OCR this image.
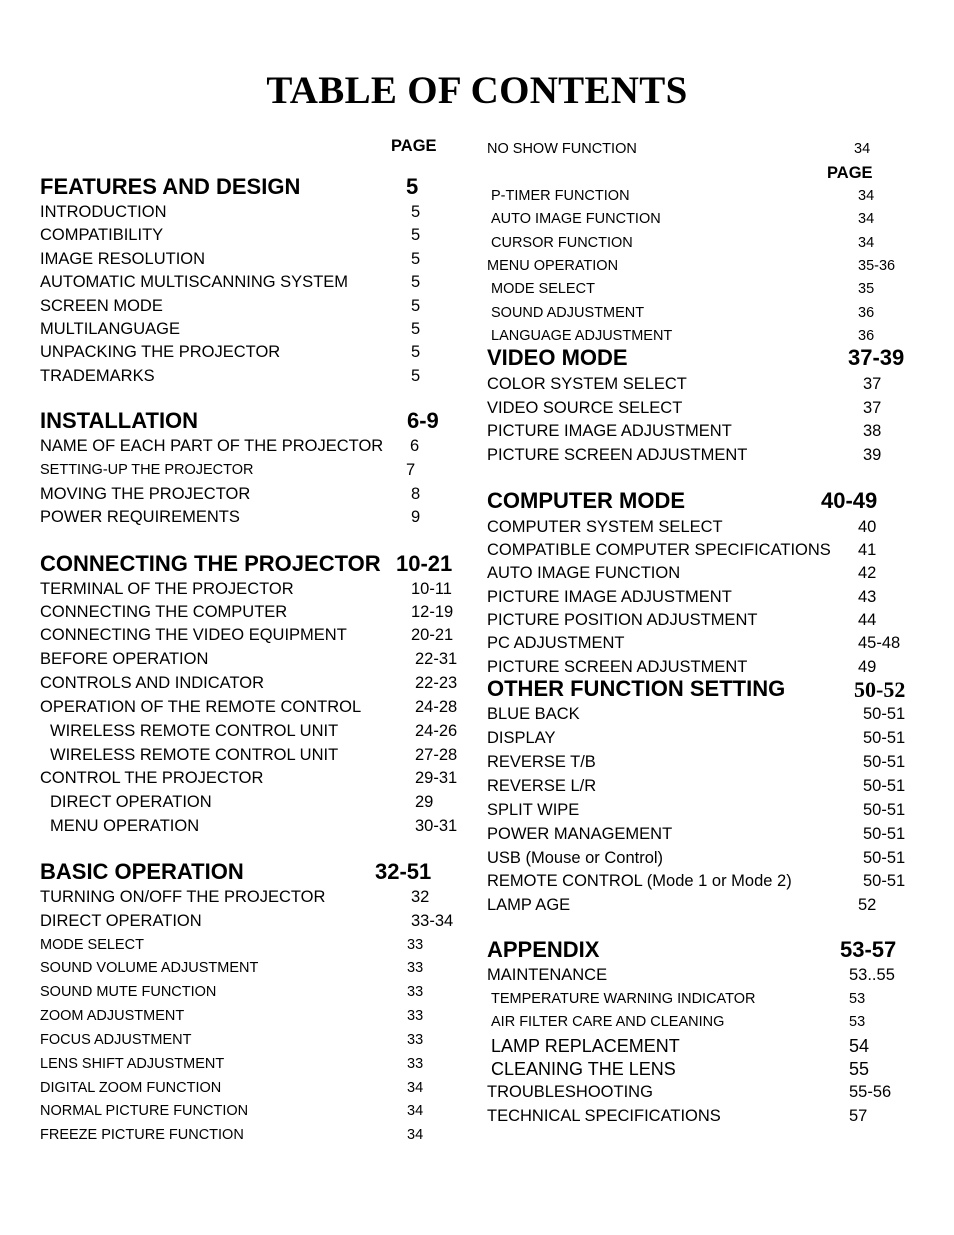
TABLE OF CONTENTS
PAGE
FEATURES AND DESIGN	5
INTRODUCTION	5
COMPATIBILITY	5
IMAGE RESOLUTION	5
AUTOMATIC MULTISCANNING SYSTEM	5
SCREEN MODE	5
MULTILANGUAGE	5
UNPACKING THE PROJECTOR	5
TRADEMARKS	5
INSTALLATION	6-9
NAME OF EACH PART OF THE PROJECTOR 6
SETTING-UP THE PROJECTOR	7
MOVING THE PROJECTOR	8
POWER REQUIREMENTS	9
CONNECTING THE PROJECTOR 10-21
TERMINAL OF THE PROJECTOR	10-11
CONNECTING THE COMPUTER	12-19
CONNECTING THE VIDEO EQUIPMENT	20-21
BEFORE OPERATION	22-31
CONTROLS AND INDICATOR	22-23
OPERATION OF THE REMOTE CONTROL	24-28
WIRELESS REMOTE CONTROL UNIT	24-26
WIRELESS REMOTE CONTROL UNIT	27-28
CONTROL THE PROJECTOR	29-31
DIRECT OPERATION	29
MENU OPERATION	30-31
BASIC OPERATION	32-51
TURNING ON/OFF THE PROJECTOR	32
DIRECT OPERATION	33-34
MODE SELECT	33
SOUND VOLUME ADJUSTMENT	33
SOUND MUTE FUNCTION	33
ZOOM ADJUSTMENT	33
FOCUS ADJUSTMENT	33
LENS SHIFT ADJUSTMENT	33
DIGITAL ZOOM FUNCTION	34
NORMAL PICTURE FUNCTION	34
FREEZE PICTURE FUNCTION	34
NO SHOW FUNCTION	34
PAGE
P-TIMER FUNCTION	34
AUTO IMAGE FUNCTION	34
CURSOR FUNCTION	34
MENU OPERATION	35-36
MODE SELECT	35
SOUND ADJUSTMENT	36
LANGUAGE ADJUSTMENT	36
VIDEO MODE	37-39
COLOR SYSTEM SELECT	37
VIDEO SOURCE SELECT	37
PICTURE IMAGE ADJUSTMENT	38
PICTURE SCREEN ADJUSTMENT	39
COMPUTER MODE	40-49
COMPUTER SYSTEM SELECT	40
COMPATIBLE COMPUTER SPECIFICATIONS 41
AUTO IMAGE FUNCTION	42
PICTURE IMAGE ADJUSTMENT	43
PICTURE POSITION ADJUSTMENT	44
PC ADJUSTMENT	45-48
PICTURE SCREEN ADJUSTMENT	49
OTHER FUNCTION SETTING	50-52
BLUE BACK	50-51
DISPLAY	50-51
REVERSE T/B	50-51
REVERSE L/R	50-51
SPLIT WIPE	50-51
POWER MANAGEMENT	50-51
USB (Mouse or Control)	50-51
REMOTE CONTROL (Mode 1 or Mode 2)	50-51
LAMP AGE	52
APPENDIX	53-57
MAINTENANCE	53..55
TEMPERATURE WARNING INDICATOR	53
AIR FILTER CARE AND CLEANING	53
LAMP REPLACEMENT	54
CLEANING THE LENS	55
TROUBLESHOOTING	55-56
TECHNICAL SPECIFICATIONS	57
